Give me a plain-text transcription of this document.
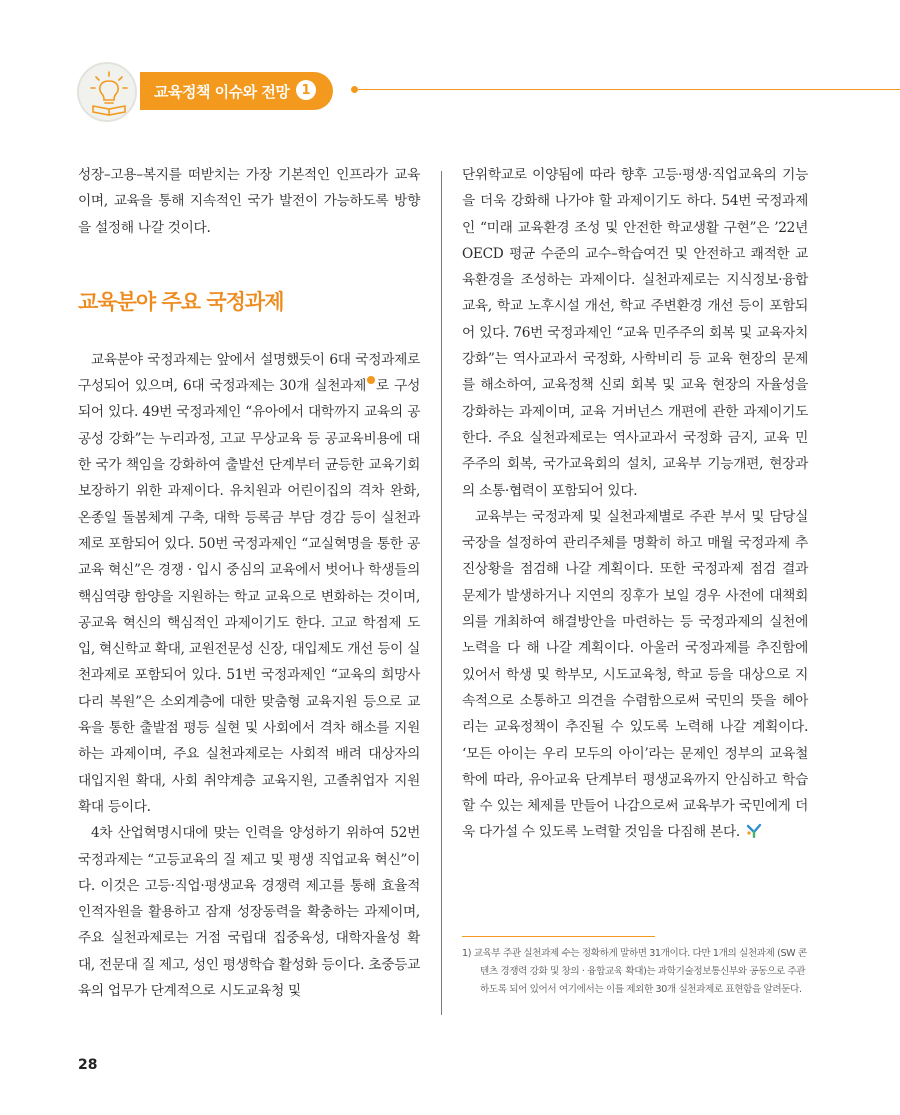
교육정책 이슈와 전망 1

성장–고용–복지를 떠받치는 가장 기본적인 인프라가 교육이며, 교육을 통해 지속적인 국가 발전이 가능하도록 방향을 설정해 나갈 것이다.

교육분야 주요 국정과제

교육분야 국정과제는 앞에서 설명했듯이 6대 국정과제로 구성되어 있으며, 6대 국정과제는 30개 실천과제 로 구성되어 있다. 49번 국정과제인 “유아에서 대학까지 교육의 공공성 강화”는 누리과정, 고교 무상교육 등 공교육비용에 대한 국가 책임을 강화하여 출발선 단계부터 균등한 교육기회 보장하기 위한 과제이다. 유치원과 어린이집의 격차 완화, 온종일 돌봄체계 구축, 대학 등록금 부담 경감 등이 실천과제로 포함되어 있다. 50번 국정과제인 “교실혁명을 통한 공교육 혁신”은 경쟁 · 입시 중심의 교육에서 벗어나 학생들의 핵심역량 함양을 지원하는 학교 교육으로 변화하는 것이며, 공교육 혁신의 핵심적인 과제이기도 한다. 고교 학점제 도입, 혁신학교 확대, 교원전문성 신장, 대입제도 개선 등이 실천과제로 포함되어 있다. 51번 국정과제인 “교육의 희망사다리 복원”은 소외계층에 대한 맞춤형 교육지원 등으로 교육을 통한 출발점 평등 실현 및 사회에서 격차 해소를 지원하는 과제이며, 주요 실천과제로는 사회적 배려 대상자의 대입지원 확대, 사회 취약계층 교육지원, 고졸취업자 지원 확대 등이다.

4차 산업혁명시대에 맞는 인력을 양성하기 위하여 52번 국정과제는 “고등교육의 질 제고 및 평생 직업교육 혁신”이다. 이것은 고등·직업·평생교육 경쟁력 제고를 통해 효율적 인적자원을 활용하고 잠재 성장동력을 확충하는 과제이며, 주요 실천과제로는 거점 국립대 집중육성, 대학자율성 확대, 전문대 질 제고, 성인 평생학습 활성화 등이다. 초중등교육의 업무가 단계적으로 시도교육청 및

단위학교로 이양됨에 따라 향후 고등·평생·직업교육의 기능을 더욱 강화해 나가야 할 과제이기도 하다. 54번 국정과제인 “미래 교육환경 조성 및 안전한 학교생활 구현”은 ’22년 OECD 평균 수준의 교수–학습여건 및 안전하고 쾌적한 교육환경을 조성하는 과제이다. 실천과제로는 지식정보·융합교육, 학교 노후시설 개선, 학교 주변환경 개선 등이 포함되어 있다. 76번 국정과제인 “교육 민주주의 회복 및 교육자치 강화”는 역사교과서 국정화, 사학비리 등 교육 현장의 문제를 해소하여, 교육정책 신뢰 회복 및 교육 현장의 자율성을 강화하는 과제이며, 교육 거버넌스 개편에 관한 과제이기도 한다. 주요 실천과제로는 역사교과서 국정화 금지, 교육 민주주의 회복, 국가교육회의 설치, 교육부 기능개편, 현장과의 소통·협력이 포함되어 있다.

교육부는 국정과제 및 실천과제별로 주관 부서 및 담당실국장을 설정하여 관리주체를 명확히 하고 매월 국정과제 추진상황을 점검해 나갈 계획이다. 또한 국정과제 점검 결과 문제가 발생하거나 지연의 징후가 보일 경우 사전에 대책회의를 개최하여 해결방안을 마련하는 등 국정과제의 실천에 노력을 다 해 나갈 계획이다. 아울러 국정과제를 추진함에 있어서 학생 및 학부모, 시도교육청, 학교 등을 대상으로 지속적으로 소통하고 의견을 수렴함으로써 국민의 뜻을 헤아리는 교육정책이 추진될 수 있도록 노력해 나갈 계획이다. ‘모든 아이는 우리 모두의 아이’라는 문제인 정부의 교육철학에 따라, 유아교육 단계부터 평생교육까지 안심하고 학습할 수 있는 체제를 만들어 나감으로써 교육부가 국민에게 더욱 다가설 수 있도록 노력할 것임을 다짐해 본다.

1) 교육부 주관 실천과제 수는 정확하게 말하면 31개이다. 다만 1개의 실천과제 (SW 콘텐츠 경쟁력 강화 및 창의 · 융합교육 확대)는 과학기술정보통신부와 공동으로 주관하도록 되어 있어서 여기에서는 이를 제외한 30개 실천과제로 표현함을 알려둔다.

28
